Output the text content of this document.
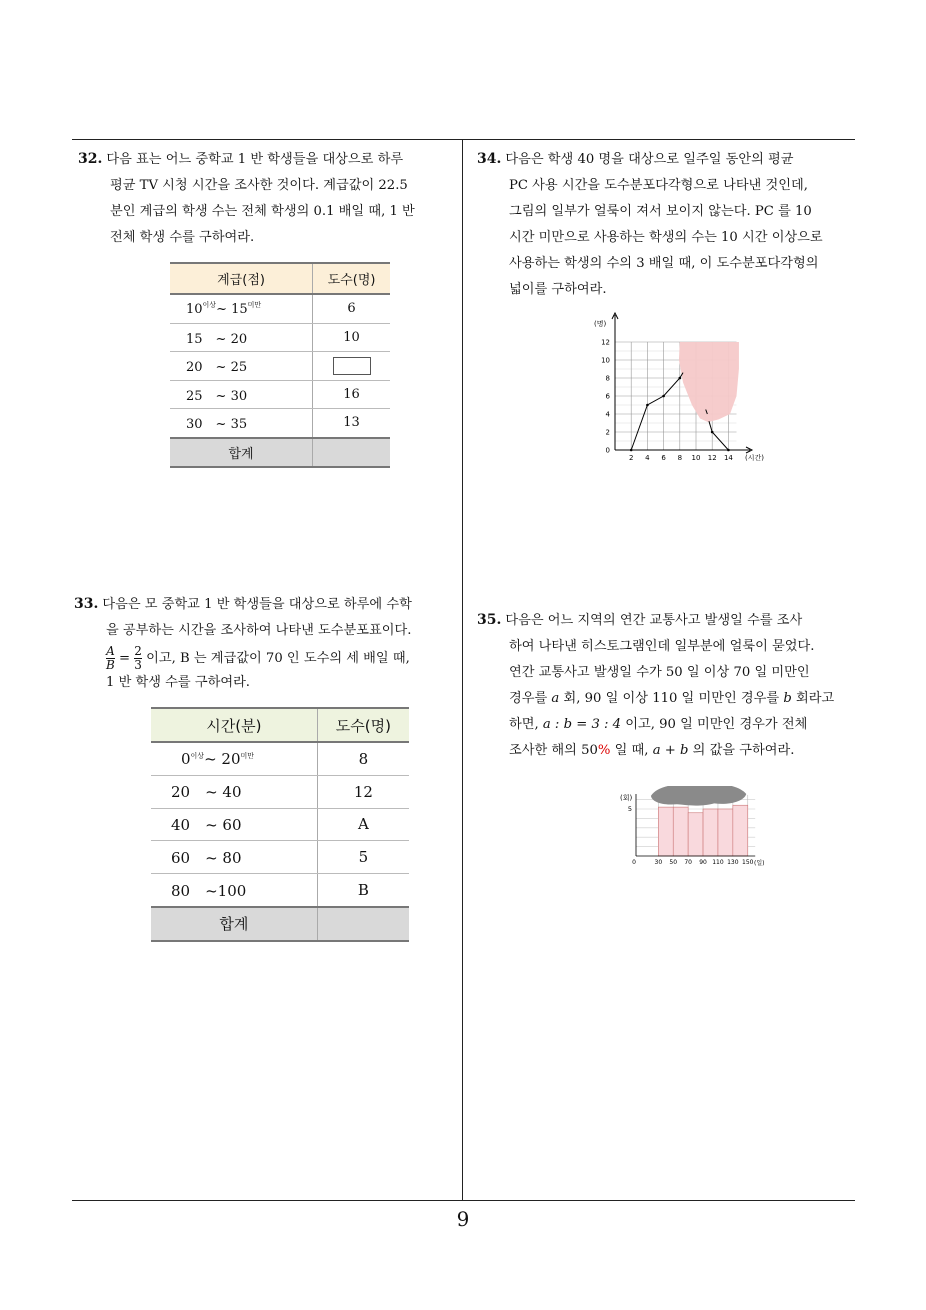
32. 다음 표는 어느 중학교 1 반 학생들을 대상으로 하루

평균 TV 시청 시간을 조사한 것이다. 계급값이 22.5

분인 계급의 학생 수는 전체 학생의 0.1 배일 때, 1 반

전체 학생 수를 구하여라.

계급(점)	도수(명)
$10^{이상}\sim$ $15^{미만}$	6
15　~ 20	10
20　~ 25	
25　~ 30	16
30　~ 35	13
합계	

33. 다음은 모 중학교 1 반 학생들을 대상으로 하루에 수학

을 공부하는 시간을 조사하여 나타낸 도수분포표이다.

$\frac{A}{B} = \frac{2}{3}$ 이고, B 는 계급값이 70 인 도수의 세 배일 때,

1 반 학생 수를 구하여라.

시간(분)	도수(명)
$0^{이상}\sim$ $20^{미만}$	8
20　~ 40	12
40　~ 60	A
60　~ 80	5
80　~100	B
합계	

34. 다음은 학생 40 명을 대상으로 일주일 동안의 평균

PC 사용 시간을 도수분포다각형으로 나타낸 것인데,

그림의 일부가 얼룩이 져서 보이지 않는다. PC 를 10

시간 미만으로 사용하는 학생의 수는 10 시간 이상으로

사용하는 학생의 수의 3 배일 때, 이 도수분포다각형의

넓이를 구하여라.

0
2
4
6
8
10
12
2 4 6 8 10 12 14
(명)
(시간)

35. 다음은 어느 지역의 연간 교통사고 발생일 수를 조사

하여 나타낸 히스토그램인데 일부분에 얼룩이 묻었다.

연간 교통사고 발생일 수가 50 일 이상 70 일 미만인

경우를 a 회, 90 일 이상 110 일 미만인 경우를 b 회라고

하면, a : b = 3 : 4 이고, 90 일 미만인 경우가 전체

조사한 해의 50% 일 때, a + b 의 값을 구하여라.

5
0	30 50 70 90 110 130 150
(회)
(일)
9
